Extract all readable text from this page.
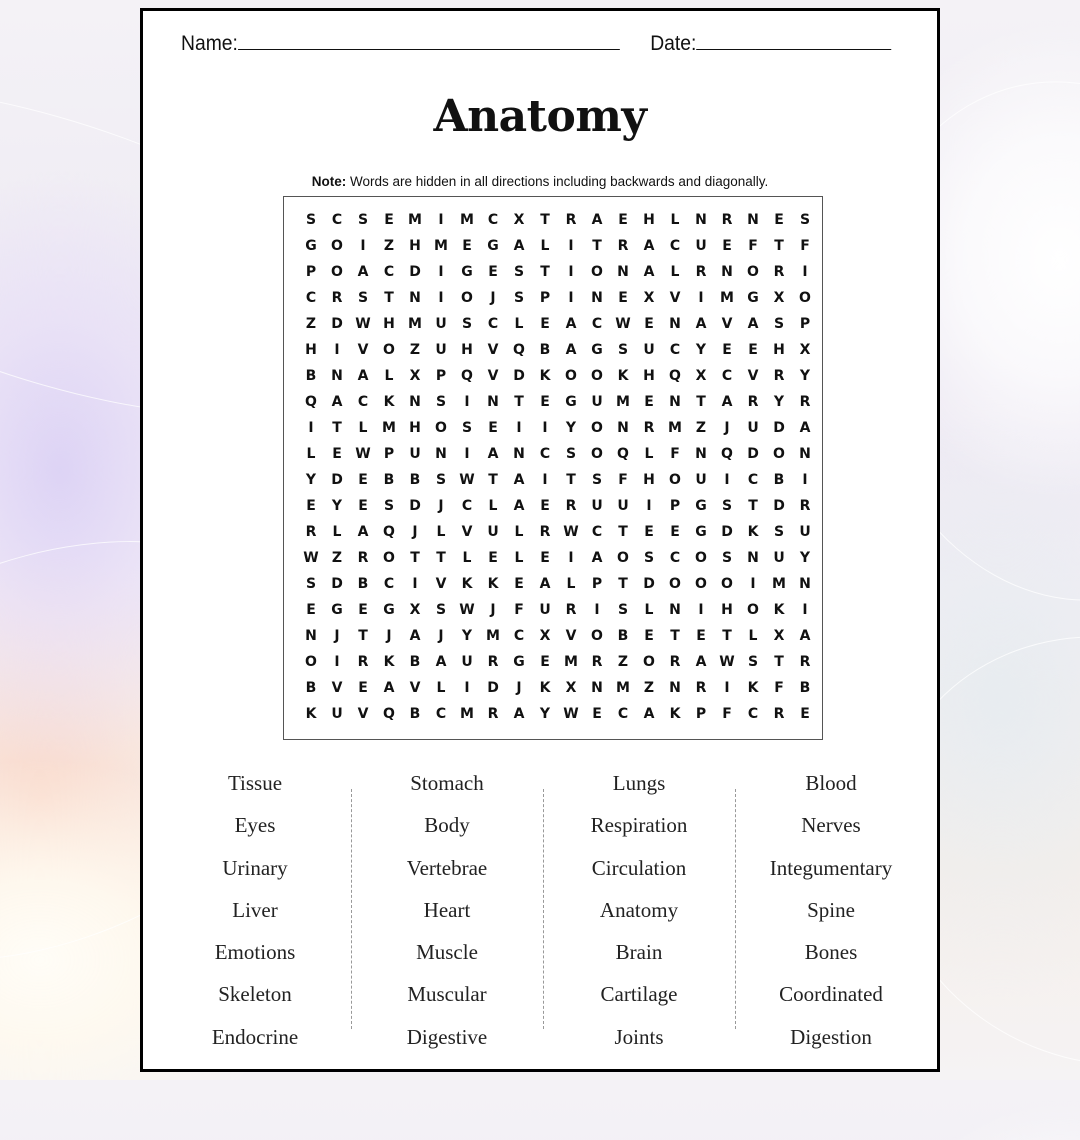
Name:	Date:
Anatomy
Note: Words are hidden in all directions including backwards and diagonally.
S	C	S	E	M	I	M C	X	T	R	A	E	H	L	N	R	N	E	S
G	O	I	Z	H M	E	G	A	L	I	T	R	A	C	U	E	F	T	F
P	O	A	C	D	I	G	E	S	T	I	O	N	A	L	R	N	O	R	I
C	R	S	T	N	I	O	J	S	P	I	N	E	X	V	I	M G	X	O
Z	D W H M U	S	C	L	E	A	C W E	N	A	V	A	S	P
H	I	V	O	Z	U	H	V	Q	B	A	G	S	U	C	Y	E	E	H	X
B	N	A	L	X	P	Q	V	D	K	O	O	K	H	Q	X	C	V	R	Y
Q	A	C	K	N	S	I	N	T	E	G	U M	E	N	T	A	R	Y	R
I	T	L	M H	O	S	E	I	I	Y	O	N	R M Z	J	U	D	A
L	E W P	U	N	I	A	N	C	S	O	Q	L	F	N	Q	D	O	N
Y	D	E	B	B	S W T	A	I	T	S	F	H	O	U	I	C	B	I
E	Y	E	S	D	J	C	L	A	E	R	U	U	I	P	G	S	T	D	R
R	L	A	Q	J	L	V	U	L	R W C	T	E	E	G	D	K	S	U
W Z	R	O	T	T	L	E	L	E	I	A	O	S	C	O	S	N	U	Y
S	D	B	C	I	V	K	K	E	A	L	P	T	D	O	O	O	I	M N
E	G	E	G	X	S W	J	F	U	R	I	S	L	N	I	H	O	K	I
N	J	T	J	A	J	Y M C	X	V	O	B	E	T	E	T	L	X	A
O	I	R	K	B	A	U	R	G	E	M R	Z	O	R	A W S	T	R
B	V	E	A	V	L	I	D	J	K	X	N M Z	N	R	I	K	F	B
K	U	V	Q	B	C M R	A	Y W E	C	A	K	P	F	C	R	E
Tissue
Eyes
Urinary
Liver
Emotions
Skeleton
Endocrine
Stomach
Body
Vertebrae
Heart
Muscle
Muscular
Digestive
Lungs
Respiration
Circulation
Anatomy
Brain
Cartilage
Joints
Blood
Nerves
Integumentary
Spine
Bones
Coordinated
Digestion
